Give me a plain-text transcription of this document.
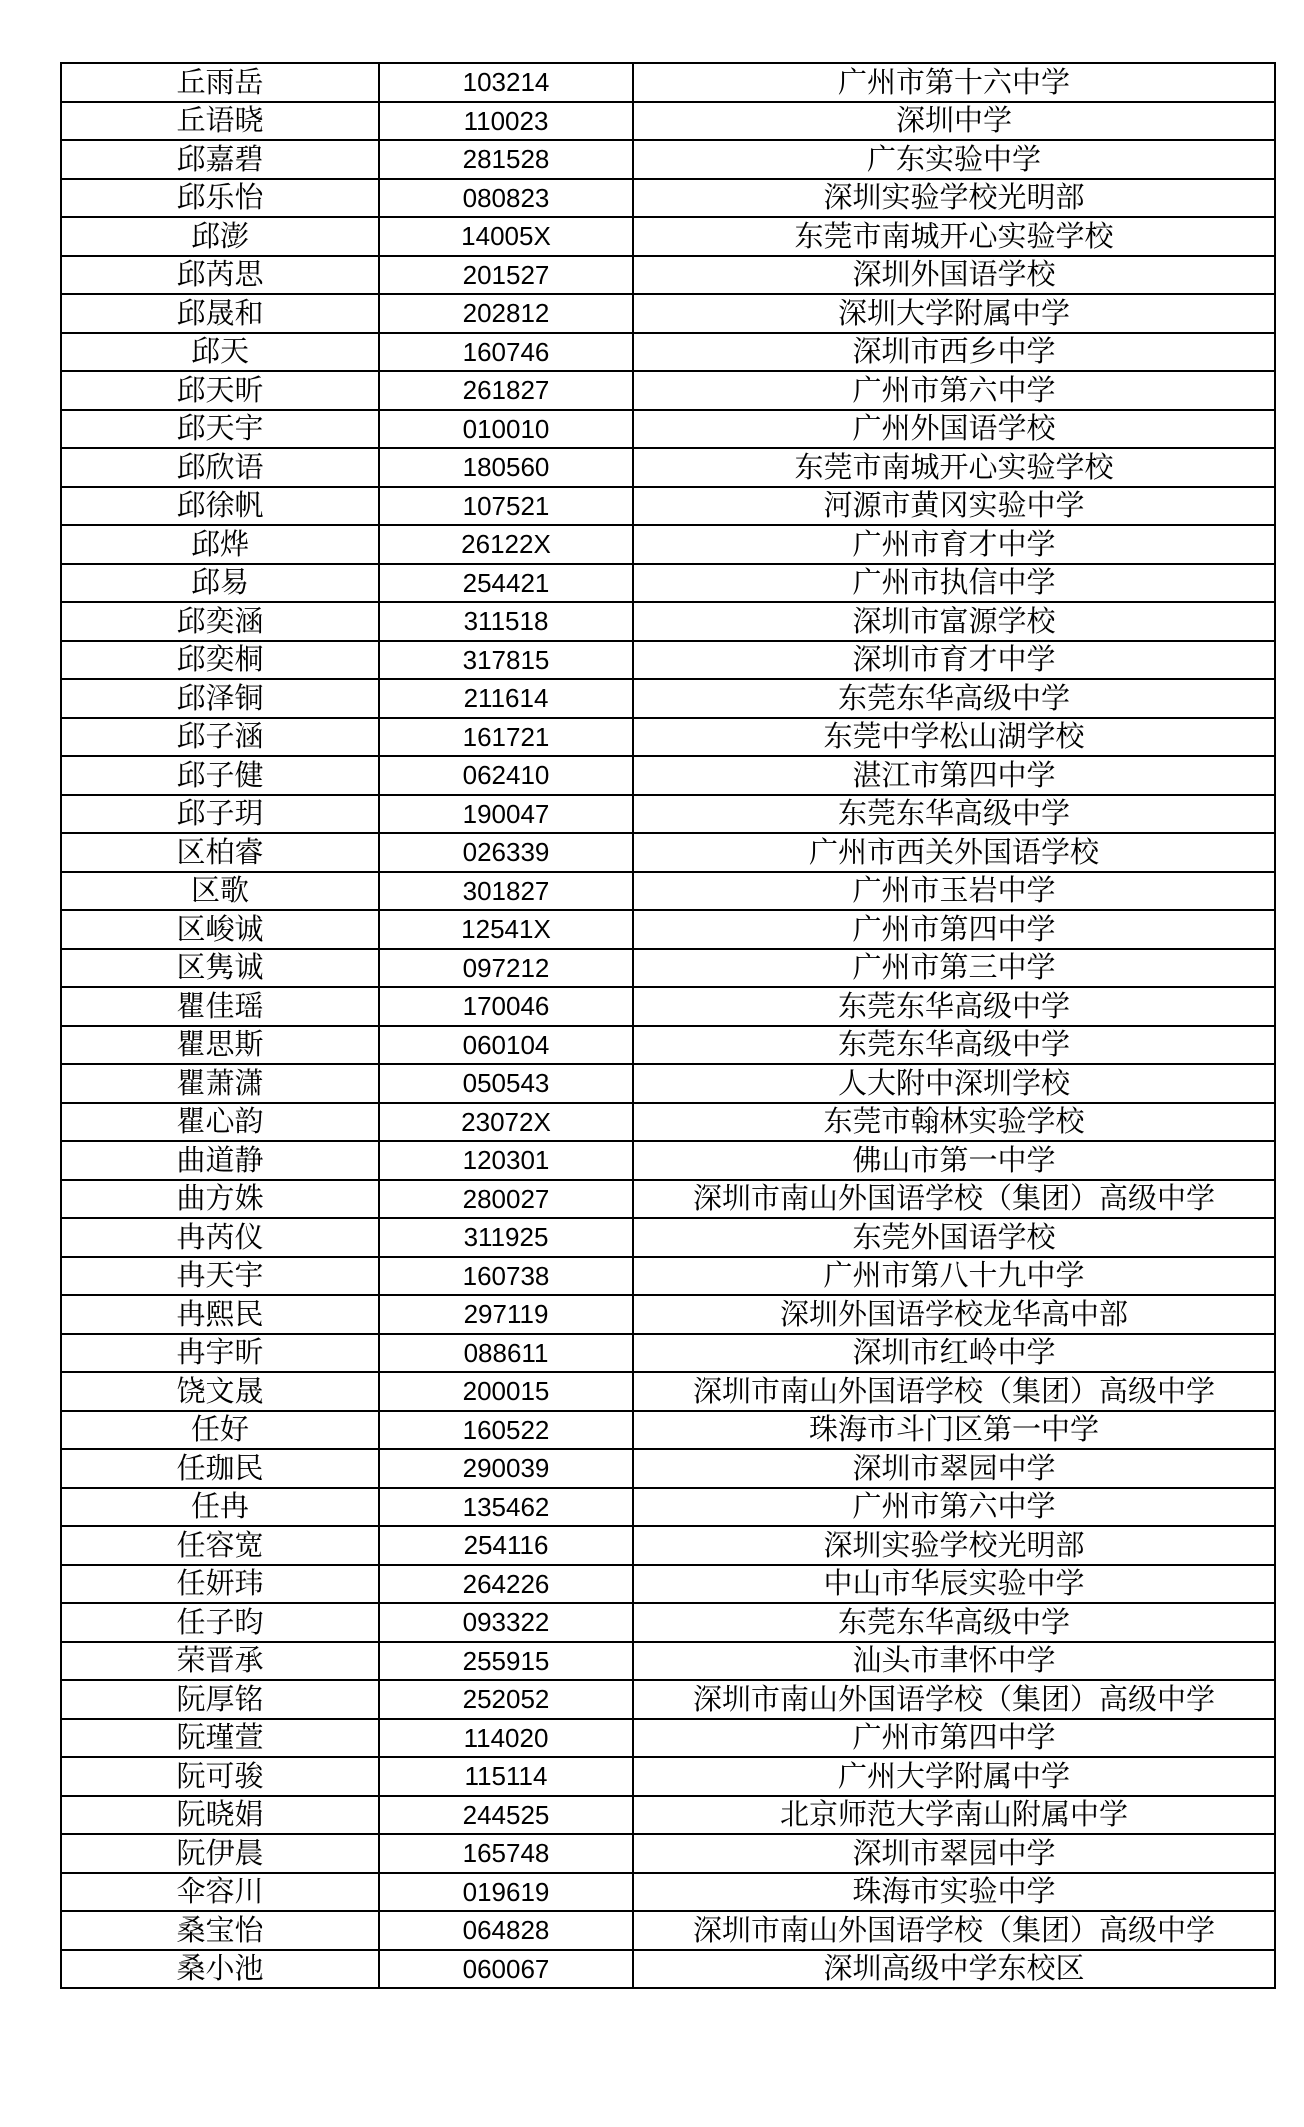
丘雨岳	103214	广州市第十六中学
丘语晓	110023	深圳中学
邱嘉碧	281528	广东实验中学
邱乐怡	080823	深圳实验学校光明部
邱澎	14005X	东莞市南城开心实验学校
邱芮思	201527	深圳外国语学校
邱晟和	202812	深圳大学附属中学
邱天	160746	深圳市西乡中学
邱天昕	261827	广州市第六中学
邱天宇	010010	广州外国语学校
邱欣语	180560	东莞市南城开心实验学校
邱徐帆	107521	河源市黄冈实验中学
邱烨	26122X	广州市育才中学
邱易	254421	广州市执信中学
邱奕涵	311518	深圳市富源学校
邱奕桐	317815	深圳市育才中学
邱泽铜	211614	东莞东华高级中学
邱子涵	161721	东莞中学松山湖学校
邱子健	062410	湛江市第四中学
邱子玥	190047	东莞东华高级中学
区柏睿	026339	广州市西关外国语学校
区歌	301827	广州市玉岩中学
区峻诚	12541X	广州市第四中学
区隽诚	097212	广州市第三中学
瞿佳瑶	170046	东莞东华高级中学
瞿思斯	060104	东莞东华高级中学
瞿萧潇	050543	人大附中深圳学校
瞿心韵	23072X	东莞市翰林实验学校
曲道静	120301	佛山市第一中学
曲方姝	280027	深圳市南山外国语学校（集团）高级中学
冉芮仪	311925	东莞外国语学校
冉天宇	160738	广州市第八十九中学
冉熙民	297119	深圳外国语学校龙华高中部
冉宇昕	088611	深圳市红岭中学
饶文晟	200015	深圳市南山外国语学校（集团）高级中学
任好	160522	珠海市斗门区第一中学
任珈民	290039	深圳市翠园中学
任冉	135462	广州市第六中学
任容宽	254116	深圳实验学校光明部
任妍玮	264226	中山市华辰实验中学
任子昀	093322	东莞东华高级中学
荣晋承	255915	汕头市聿怀中学
阮厚铭	252052	深圳市南山外国语学校（集团）高级中学
阮瑾萱	114020	广州市第四中学
阮可骏	115114	广州大学附属中学
阮晓娟	244525	北京师范大学南山附属中学
阮伊晨	165748	深圳市翠园中学
伞容川	019619	珠海市实验中学
桑宝怡	064828	深圳市南山外国语学校（集团）高级中学
桑小池	060067	深圳高级中学东校区
